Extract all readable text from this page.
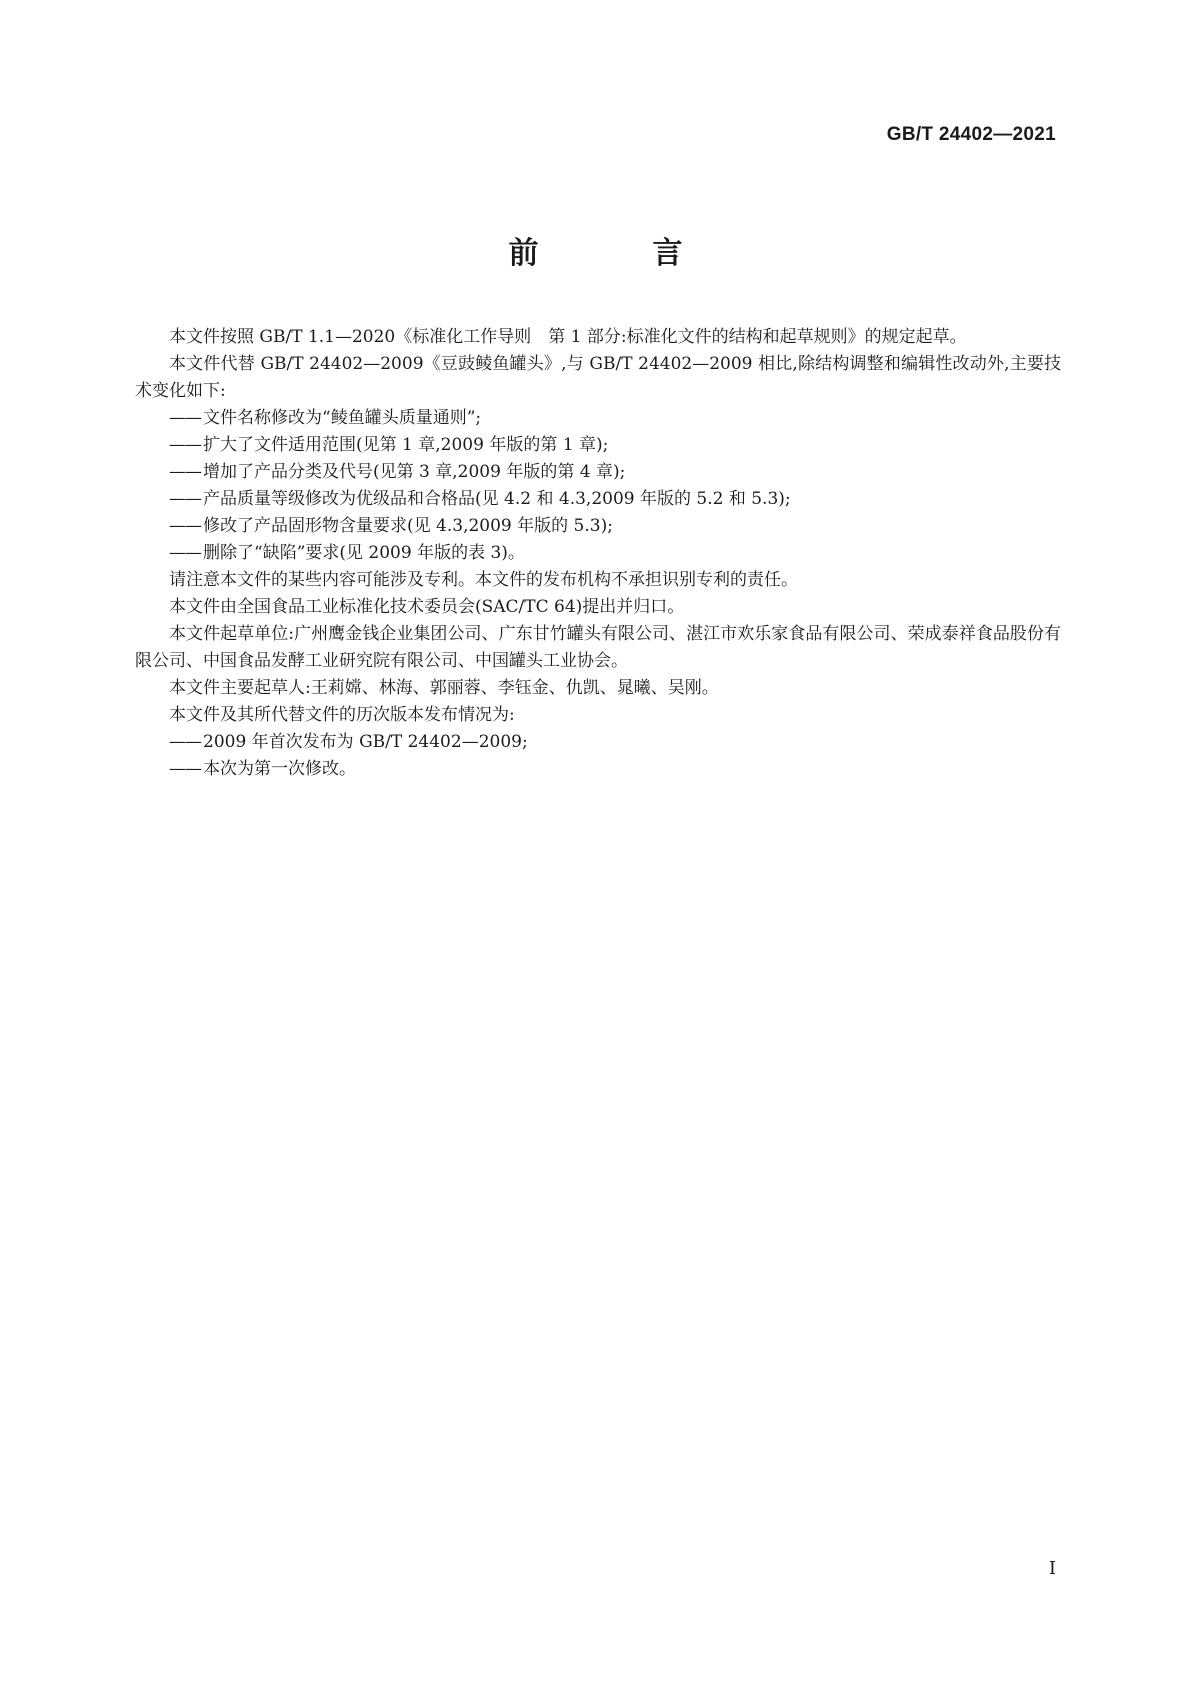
GB/T 24402—2021
前　言

本文件按照 GB/T 1.1—2020《标准化工作导则　第 1 部分:标准化文件的结构和起草规则》的规定起草。

本文件代替 GB/T 24402—2009《豆豉鲮鱼罐头》,与 GB/T 24402—2009 相比,除结构调整和编辑性改动外,主要技术变化如下:

—— 文件名称修改为“鲮鱼罐头质量通则”;

—— 扩大了文件适用范围(见第 1 章,2009 年版的第 1 章);

—— 增加了产品分类及代号(见第 3 章,2009 年版的第 4 章);

—— 产品质量等级修改为优级品和合格品(见 4.2 和 4.3,2009 年版的 5.2 和 5.3);

—— 修改了产品固形物含量要求(见 4.3,2009 年版的 5.3);

—— 删除了“缺陷”要求(见 2009 年版的表 3)。

请注意本文件的某些内容可能涉及专利。本文件的发布机构不承担识别专利的责任。

本文件由全国食品工业标准化技术委员会(SAC/TC 64)提出并归口。

本文件起草单位:广州鹰金钱企业集团公司、广东甘竹罐头有限公司、湛江市欢乐家食品有限公司、荣成泰祥食品股份有限公司、中国食品发酵工业研究院有限公司、中国罐头工业协会。

本文件主要起草人:王莉嫦、林海、郭丽蓉、李钰金、仇凯、晁曦、吴刚。

本文件及其所代替文件的历次版本发布情况为:

—— 2009 年首次发布为 GB/T 24402—2009;

—— 本次为第一次修改。

I
